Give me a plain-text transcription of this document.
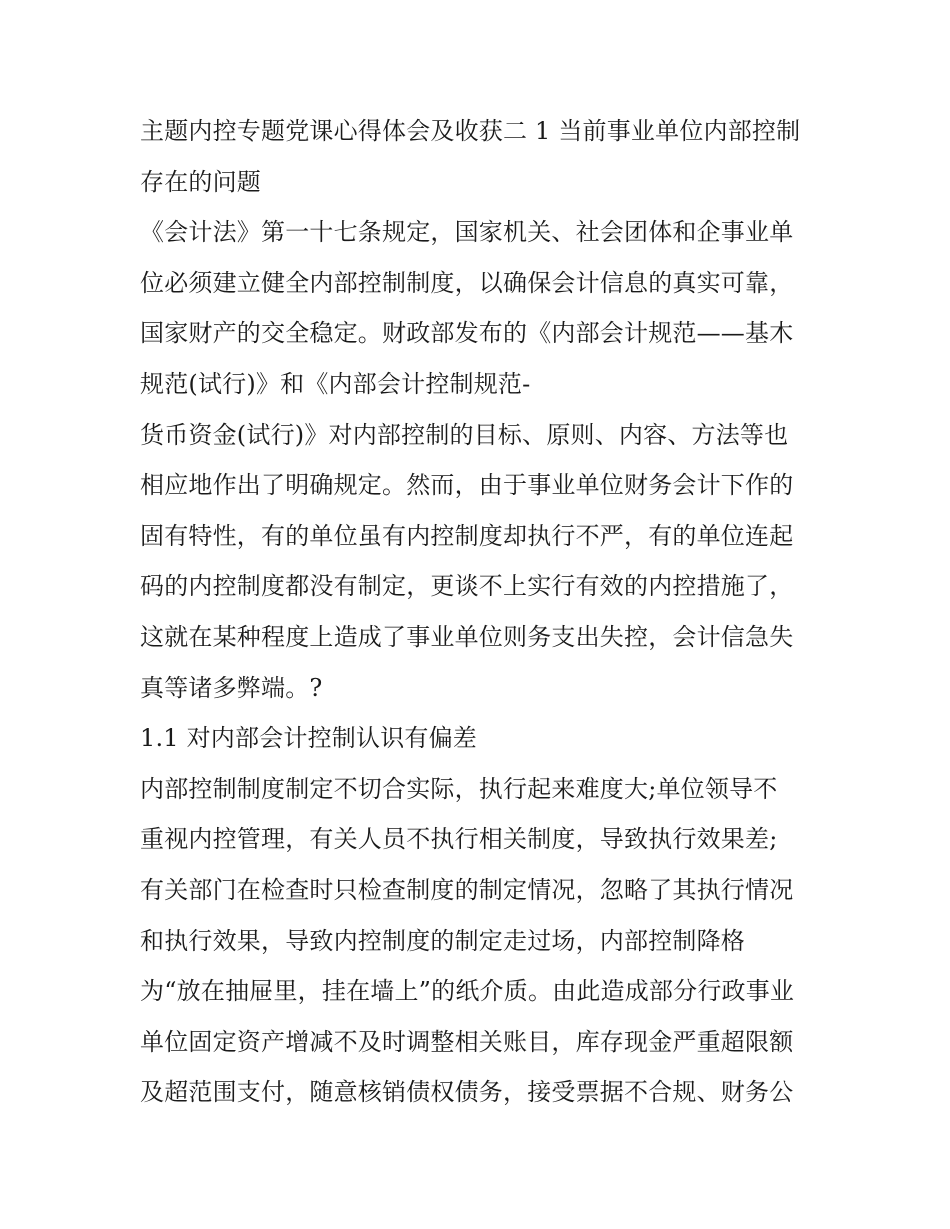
主题内控专题党课心得体会及收获二 1 当前事业单位内部控制
存在的问题
《会计法》第一十七条规定，国家机关、社会团体和企事业单
位必须建立健全内部控制制度，以确保会计信息的真实可靠，
国家财产的交全稳定。财政部发布的《内部会计规范——基木
规范(试行)》和《内部会计控制规范-
货币资金(试行)》对内部控制的目标、原则、内容、方法等也
相应地作出了明确规定。然而，由于事业单位财务会计下作的
固有特性，有的单位虽有内控制度却执行不严，有的单位连起
码的内控制度都没有制定，更谈不上实行有效的内控措施了，
这就在某种程度上造成了事业单位则务支出失控，会计信急失
真等诸多弊端。?
1.1 对内部会计控制认识有偏差
内部控制制度制定不切合实际，执行起来难度大;单位领导不
重视内控管理，有关人员不执行相关制度，导致执行效果差;
有关部门在检查时只检查制度的制定情况，忽略了其执行情况
和执行效果，导致内控制度的制定走过场，内部控制降格
为“放在抽屉里，挂在墙上”的纸介质。由此造成部分行政事业
单位固定资产增减不及时调整相关账目，库存现金严重超限额
及超范围支付，随意核销债权债务，接受票据不合规、财务公
